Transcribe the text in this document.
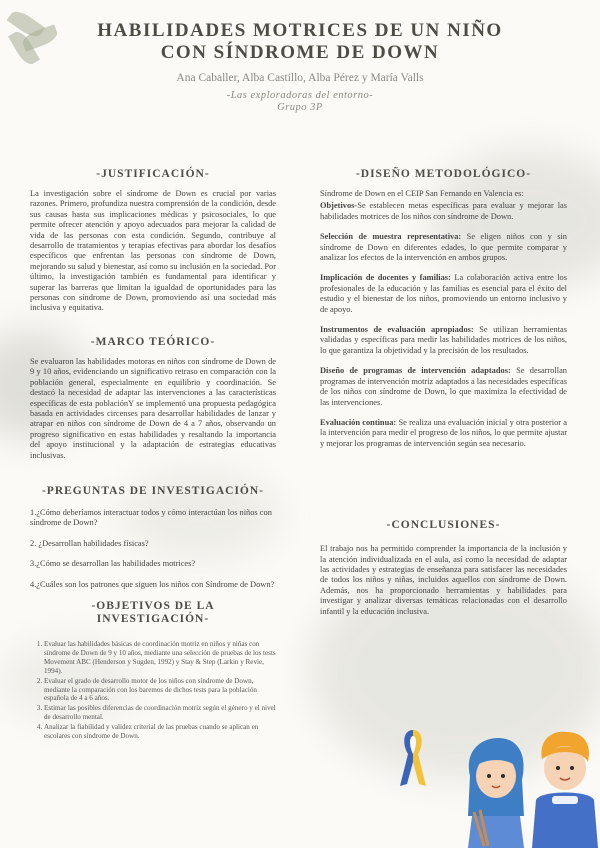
HABILIDADES MOTRICES DE UN NIÑO
CON SÍNDROME DE DOWN
Ana Caballer, Alba Castillo, Alba Pérez y María Valls
-Las exploradoras del entorno-
Grupo 3P
-JUSTIFICACIÓN-

La investigación sobre el síndrome de Down es crucial por varias razones. Primero, profundiza nuestra comprensión de la condición, desde sus causas hasta sus implicaciones médicas y psicosociales, lo que permite ofrecer atención y apoyo adecuados para mejorar la calidad de vida de las personas con esta condición. Segundo, contribuye al desarrollo de tratamientos y terapias efectivas para abordar los desafíos específicos que enfrentan las personas con síndrome de Down, mejorando su salud y bienestar, así como su inclusión en la sociedad. Por último, la investigación también es fundamental para identificar y superar las barreras que limitan la igualdad de oportunidades para las personas con síndrome de Down, promoviendo así una sociedad más inclusiva y equitativa.

-MARCO TEÓRICO-

Se evaluaron las habilidades motoras en niños con síndrome de Down de 9 y 10 años, evidenciando un significativo retraso en comparación con la población general, especialmente en equilibrio y coordinación. Se destacó la necesidad de adaptar las intervenciones a las características específicas de esta poblaciónY se implementó una propuesta pedagógica basada en actividades circenses para desarrollar habilidades de lanzar y atrapar en niños con síndrome de Down de 4 a 7 años, observando un progreso significativo en estas habilidades y resaltando la importancia del apoyo institucional y la adaptación de estrategias educativas inclusivas.

-PREGUNTAS DE INVESTIGACIÓN-

1.¿Cómo deberíamos interactuar todos y cómo interactúan los niños con síndrome de Down?

2. ¿Desarrollan habilidades físicas?

3.¿Cómo se desarrollan las habilidades motrices?

4.¿Cuáles son los patrones que siguen los niños con Síndrome de Down?

-OBJETIVOS DE LA
INVESTIGACIÓN-
1. Evaluar las habilidades básicas de coordinación motriz en niños y niñas con síndrome de Down de 9 y 10 años, mediante una selección de pruebas de los tests Movement ABC (Henderson y Sugden, 1992) y Stay & Step (Larkin y Revie, 1994).
2. Evaluar el grado de desarrollo motor de los niños con síndrome de Down, mediante la comparación con los baremos de dichos tests para la población española de 4 a 6 años.
3. Estimar las posibles diferencias de coordinación motriz según el género y el nivel de desarrollo mental.
4. Analizar la fiabilidad y validez criterial de las pruebas cuando se aplican en escolares con síndrome de Down.
-DISEÑO METODOLÓGICO-

Síndrome de Down en el CEIP San Fernando en Valencia es:

Objetivos-Se establecen metas específicas para evaluar y mejorar las habilidades motrices de los niños con síndrome de Down.

Selección de muestra representativa: Se eligen niños con y sin síndrome de Down en diferentes edades, lo que permite comparar y analizar los efectos de la intervención en ambos grupos.

Implicación de docentes y familias: La colaboración activa entre los profesionales de la educación y las familias es esencial para el éxito del estudio y el bienestar de los niños, promoviendo un entorno inclusivo y de apoyo.

Instrumentos de evaluación apropiados: Se utilizan herramientas validadas y específicas para medir las habilidades motrices de los niños, lo que garantiza la objetividad y la precisión de los resultados.

Diseño de programas de intervención adaptados: Se desarrollan programas de intervención motriz adaptados a las necesidades específicas de los niños con síndrome de Down, lo que maximiza la efectividad de las intervenciones.

Evaluación continua: Se realiza una evaluación inicial y otra posterior a la intervención para medir el progreso de los niños, lo que permite ajustar y mejorar los programas de intervención según sea necesario.

-CONCLUSIONES-

El trabajo nos ha permitido comprender la importancia de la inclusión y la atención individualizada en el aula, así como la necesidad de adaptar las actividades y estrategias de enseñanza para satisfacer las necesidades de todos los niños y niñas, incluidos aquellos con síndrome de Down. Además, nos ha proporcionado herramientas y habilidades para investigar y analizar diversas temáticas relacionadas con el desarrollo infantil y la educación inclusiva.
